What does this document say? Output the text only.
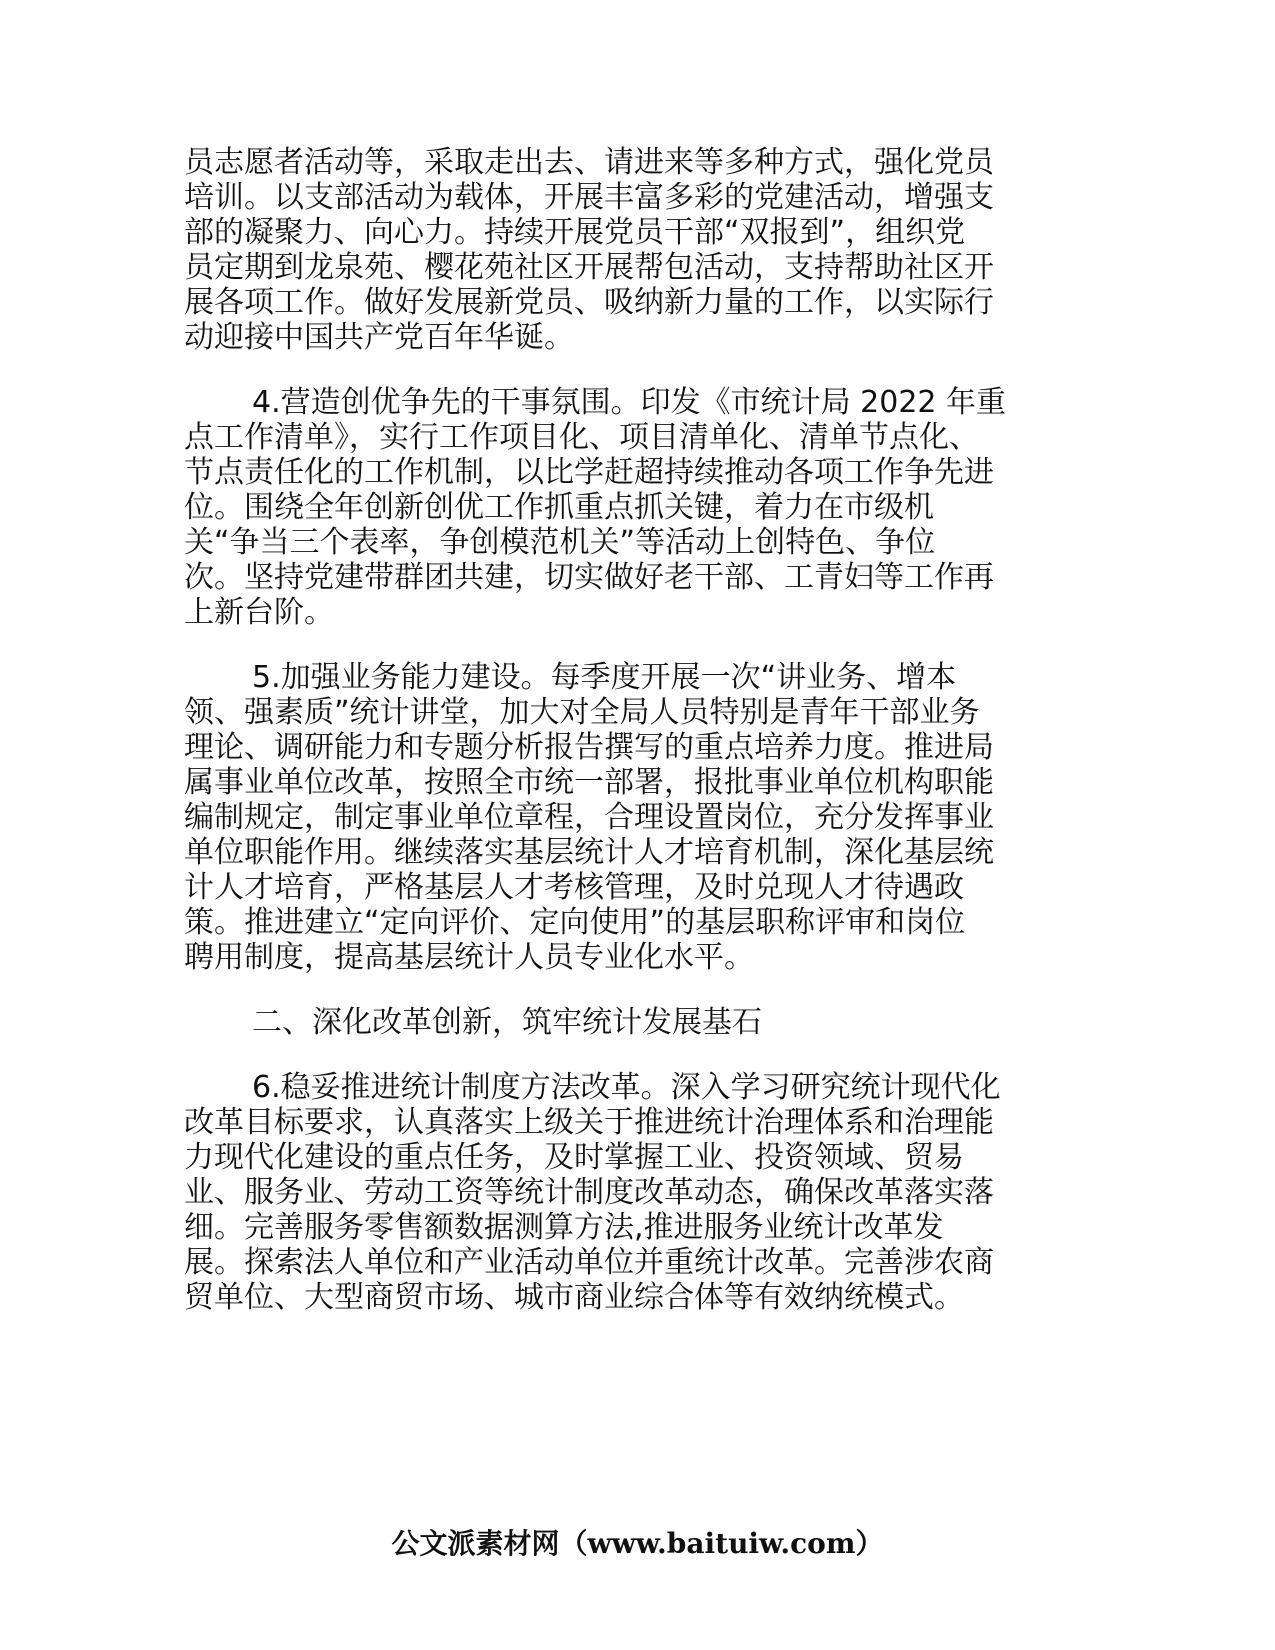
员志愿者活动等，采取走出去、请进来等多种方式，强化党员
培训。以支部活动为载体，开展丰富多彩的党建活动，增强支
部的凝聚力、向心力。持续开展党员干部“双报到”，组织党
员定期到龙泉苑、樱花苑社区开展帮包活动，支持帮助社区开
展各项工作。做好发展新党员、吸纳新力量的工作，以实际行
动迎接中国共产党百年华诞。
4.营造创优争先的干事氛围。印发《市统计局 2022 年重
点工作清单》，实行工作项目化、项目清单化、清单节点化、
节点责任化的工作机制，以比学赶超持续推动各项工作争先进
位。围绕全年创新创优工作抓重点抓关键，着力在市级机
关“争当三个表率，争创模范机关”等活动上创特色、争位
次。坚持党建带群团共建，切实做好老干部、工青妇等工作再
上新台阶。
5.加强业务能力建设。每季度开展一次“讲业务、增本
领、强素质”统计讲堂，加大对全局人员特别是青年干部业务
理论、调研能力和专题分析报告撰写的重点培养力度。推进局
属事业单位改革，按照全市统一部署，报批事业单位机构职能
编制规定，制定事业单位章程，合理设置岗位，充分发挥事业
单位职能作用。继续落实基层统计人才培育机制，深化基层统
计人才培育，严格基层人才考核管理，及时兑现人才待遇政
策。推进建立“定向评价、定向使用”的基层职称评审和岗位
聘用制度，提高基层统计人员专业化水平。
二、深化改革创新，筑牢统计发展基石
6.稳妥推进统计制度方法改革。深入学习研究统计现代化
改革目标要求，认真落实上级关于推进统计治理体系和治理能
力现代化建设的重点任务，及时掌握工业、投资领域、贸易
业、服务业、劳动工资等统计制度改革动态，确保改革落实落
细。完善服务零售额数据测算方法,推进服务业统计改革发
展。探索法人单位和产业活动单位并重统计改革。完善涉农商
贸单位、大型商贸市场、城市商业综合体等有效纳统模式。
公文派素材网（www.baituiw.com）
